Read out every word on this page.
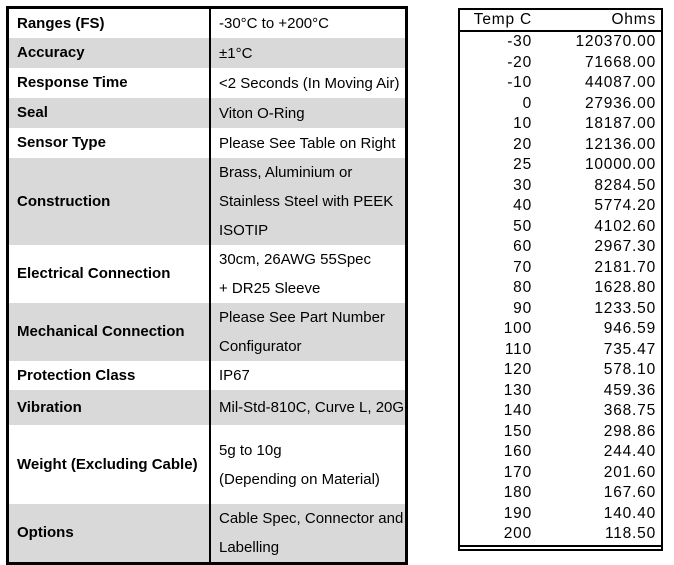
Ranges (FS)	-30°C to +200°C

Accuracy	±1°C

Response Time	<2 Seconds (In Moving Air)

Seal	Viton O-Ring

Sensor Type	Please See Table on Right

Construction	Brass, Aluminium or
Stainless Steel with PEEK
ISOTIP

Electrical Connection	30cm, 26AWG 55Spec
+ DR25 Sleeve

Mechanical Connection	Please See Part Number
Configurator

Protection Class	IP67

Vibration	Mil-Std-810C, Curve L, 20G

Weight (Excluding Cable)	5g to 10g
(Depending on Material)

Options	Cable Spec, Connector and
Labelling
Temp C	Ohms
-30	120370.00
-20	71668.00
-10	44087.00
0	27936.00
10	18187.00
20	12136.00
25	10000.00
30	8284.50
40	5774.20
50	4102.60
60	2967.30
70	2181.70
80	1628.80
90	1233.50
100	946.59
110	735.47
120	578.10
130	459.36
140	368.75
150	298.86
160	244.40
170	201.60
180	167.60
190	140.40
200	118.50
